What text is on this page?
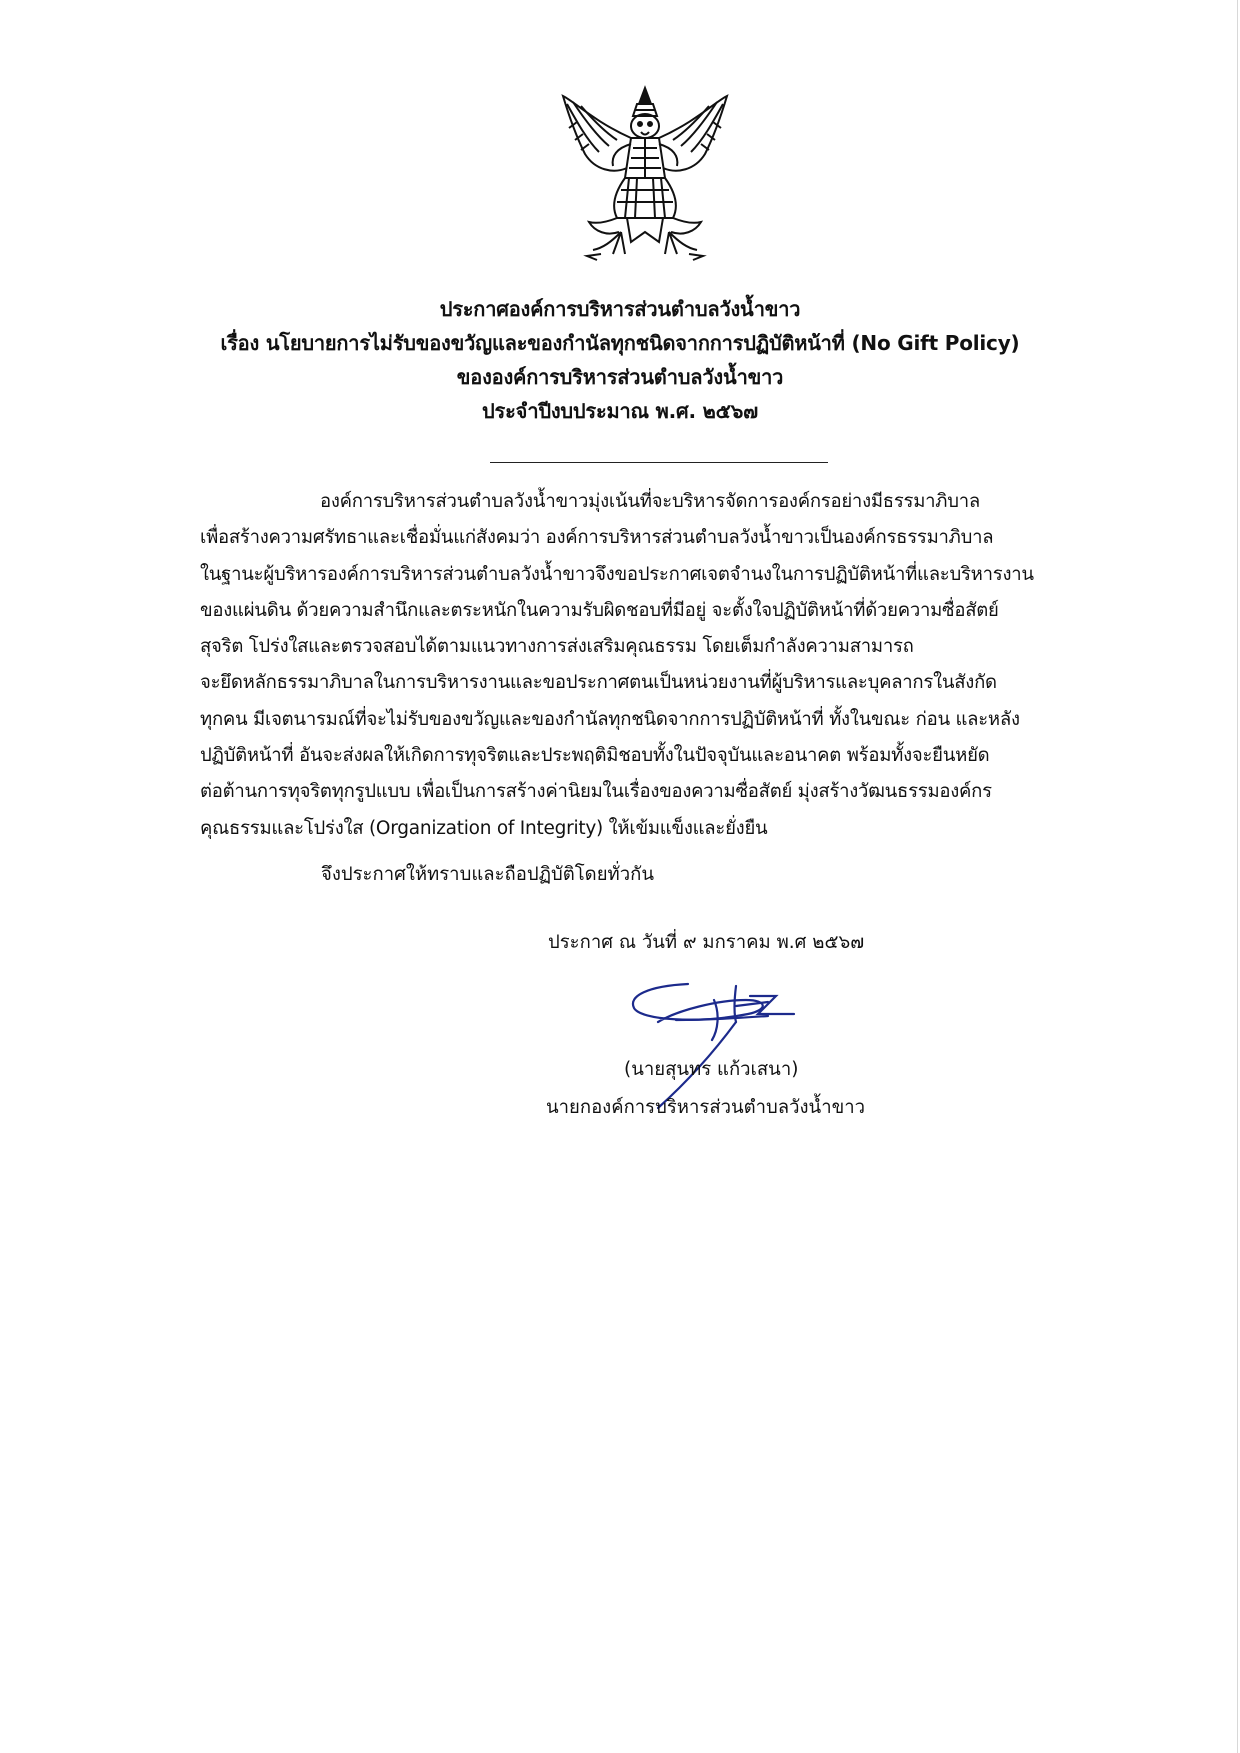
ประกาศองค์การบริหารส่วนตำบลวังน้ำขาว
เรื่อง นโยบายการไม่รับของขวัญและของกำนัลทุกชนิดจากการปฏิบัติหน้าที่ (No Gift Policy)
ขององค์การบริหารส่วนตำบลวังน้ำขาว
ประจำปีงบประมาณ พ.ศ. ๒๕๖๗
องค์การบริหารส่วนตำบลวังน้ำขาวมุ่งเน้นที่จะบริหารจัดการองค์กรอย่างมีธรรมาภิบาล
เพื่อสร้างความศรัทธาและเชื่อมั่นแก่สังคมว่า องค์การบริหารส่วนตำบลวังน้ำขาวเป็นองค์กรธรรมาภิบาล
ในฐานะผู้บริหารองค์การบริหารส่วนตำบลวังน้ำขาวจึงขอประกาศเจตจำนงในการปฏิบัติหน้าที่และบริหารงาน
ของแผ่นดิน ด้วยความสำนึกและตระหนักในความรับผิดชอบที่มีอยู่ จะตั้งใจปฏิบัติหน้าที่ด้วยความซื่อสัตย์
สุจริต โปร่งใสและตรวจสอบได้ตามแนวทางการส่งเสริมคุณธรรม โดยเต็มกำลังความสามารถ
จะยึดหลักธรรมาภิบาลในการบริหารงานและขอประกาศตนเป็นหน่วยงานที่ผู้บริหารและบุคลากรในสังกัด
ทุกคน มีเจตนารมณ์ที่จะไม่รับของขวัญและของกำนัลทุกชนิดจากการปฏิบัติหน้าที่ ทั้งในขณะ ก่อน และหลัง
ปฏิบัติหน้าที่ อันจะส่งผลให้เกิดการทุจริตและประพฤติมิชอบทั้งในปัจจุบันและอนาคต พร้อมทั้งจะยืนหยัด
ต่อต้านการทุจริตทุกรูปแบบ เพื่อเป็นการสร้างค่านิยมในเรื่องของความซื่อสัตย์ มุ่งสร้างวัฒนธรรมองค์กร
คุณธรรมและโปร่งใส (Organization of Integrity) ให้เข้มแข็งและยั่งยืน
จึงประกาศให้ทราบและถือปฏิบัติโดยทั่วกัน
ประกาศ ณ วันที่ ๙ มกราคม พ.ศ ๒๕๖๗
(นายสุนทร แก้วเสนา)
นายกองค์การบริหารส่วนตำบลวังน้ำขาว
